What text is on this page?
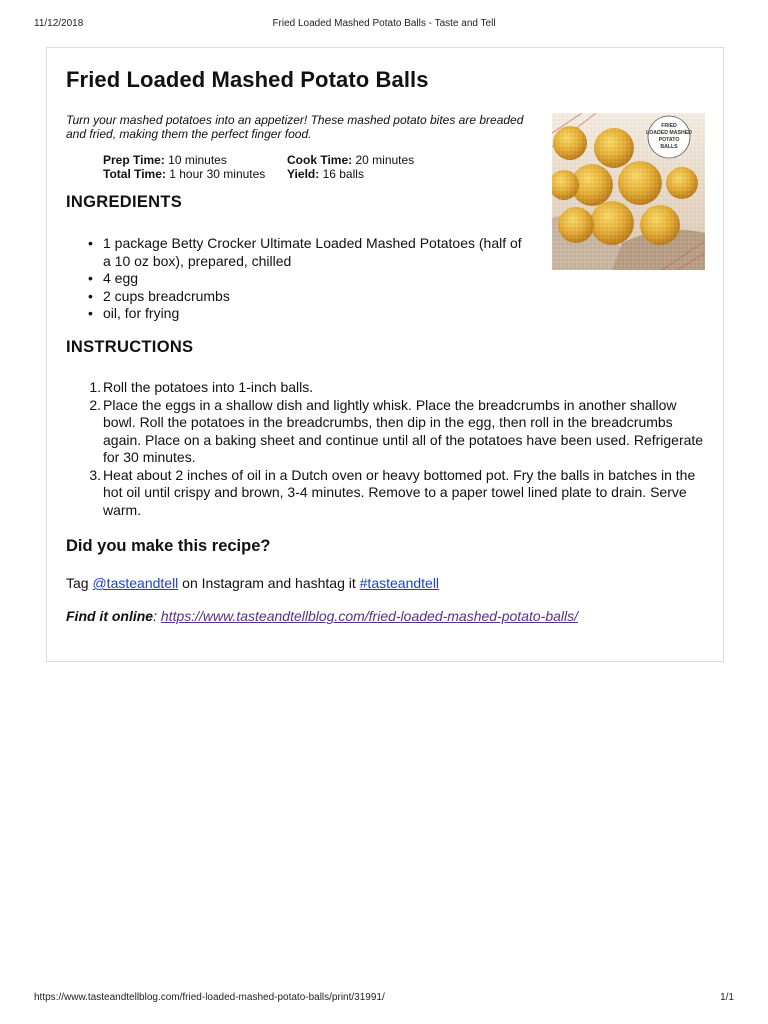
11/12/2018	Fried Loaded Mashed Potato Balls - Taste and Tell
Fried Loaded Mashed Potato Balls

Turn your mashed potatoes into an appetizer! These mashed potato bites are breaded and fried, making them the perfect finger food.

Prep Time: 10 minutes	Cook Time: 20 minutes
Total Time: 1 hour 30 minutes	Yield: 16 balls
FRIED
LOADED MASHED
POTATO
BALLS
INGREDIENTS
• 1 package Betty Crocker Ultimate Loaded Mashed Potatoes (half of a 10 oz box), prepared, chilled
• 4 egg
• 2 cups breadcrumbs
• oil, for frying
INSTRUCTIONS
1. Roll the potatoes into 1-inch balls.
2. Place the eggs in a shallow dish and lightly whisk. Place the breadcrumbs in another shallow bowl. Roll the potatoes in the breadcrumbs, then dip in the egg, then roll in the breadcrumbs again. Place on a baking sheet and continue until all of the potatoes have been used. Refrigerate for 30 minutes.
3. Heat about 2 inches of oil in a Dutch oven or heavy bottomed pot. Fry the balls in batches in the hot oil until crispy and brown, 3-4 minutes. Remove to a paper towel lined plate to drain. Serve warm.
Did you make this recipe?

Tag @tasteandtell on Instagram and hashtag it #tasteandtell

Find it online: https://www.tasteandtellblog.com/fried-loaded-mashed-potato-balls/

https://www.tasteandtellblog.com/fried-loaded-mashed-potato-balls/print/31991/	1/1
